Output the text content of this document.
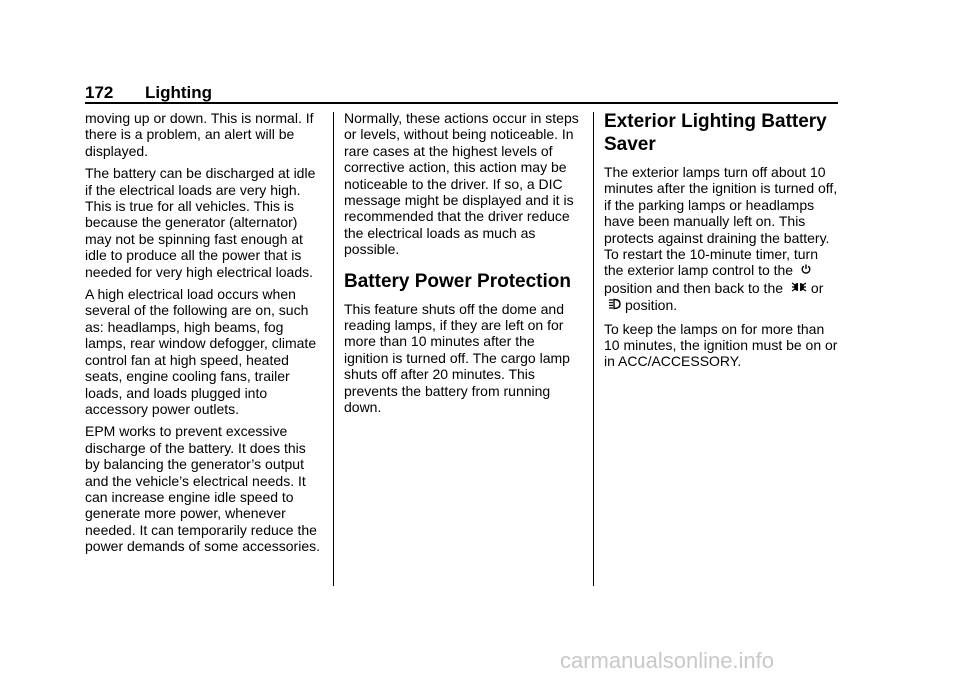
172 Lighting

moving up or down. This is normal. If there is a problem, an alert will be displayed.

The battery can be discharged at idle if the electrical loads are very high. This is true for all vehicles. This is because the generator (alternator) may not be spinning fast enough at idle to produce all the power that is needed for very high electrical loads.

A high electrical load occurs when several of the following are on, such as: headlamps, high beams, fog lamps, rear window defogger, climate control fan at high speed, heated seats, engine cooling fans, trailer loads, and loads plugged into accessory power outlets.

EPM works to prevent excessive discharge of the battery. It does this by balancing the generator’s output and the vehicle’s electrical needs. It can increase engine idle speed to generate more power, whenever needed. It can temporarily reduce the power demands of some accessories.

Normally, these actions occur in steps or levels, without being noticeable. In rare cases at the highest levels of corrective action, this action may be noticeable to the driver. If so, a DIC message might be displayed and it is recommended that the driver reduce the electrical loads as much as possible.

Battery Power Protection

This feature shuts off the dome and reading lamps, if they are left on for more than 10 minutes after the ignition is turned off. The cargo lamp shuts off after 20 minutes. This prevents the battery from running down.

Exterior Lighting Battery Saver

The exterior lamps turn off about 10 minutes after the ignition is turned off, if the parking lamps or headlamps have been manually left on. This protects against draining the battery. To restart the 10-minute timer, turn the exterior lamp control to the position and then back to the or position.

To keep the lamps on for more than 10 minutes, the ignition must be on or in ACC/ACCESSORY.

carmanualsonline.info
